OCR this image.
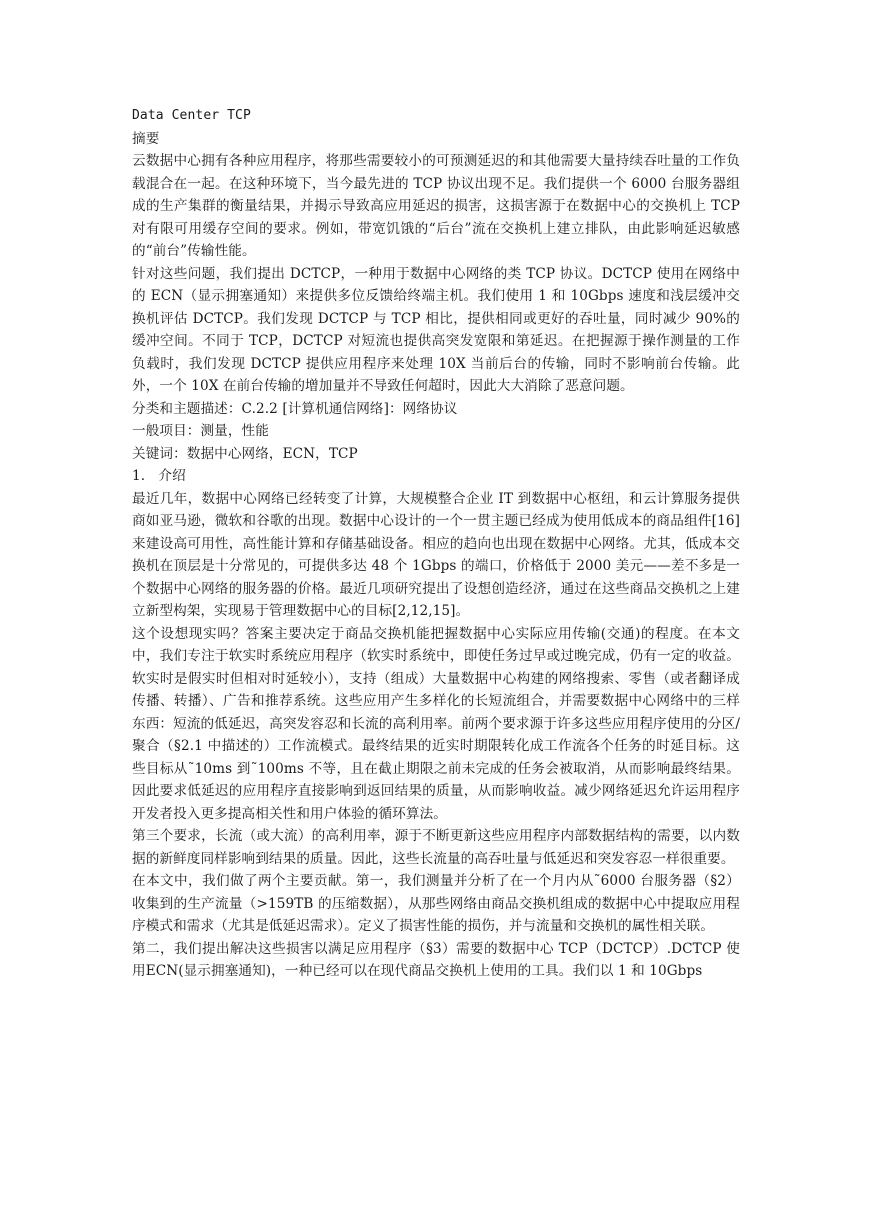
Data Center TCP

摘要

云数据中心拥有各种应用程序，将那些需要较小的可预测延迟的和其他需要大量持续吞吐量的工作负载混合在一起。在这种环境下，当今最先进的 TCP 协议出现不足。我们提供一个 6000 台服务器组成的生产集群的衡量结果，并揭示导致高应用延迟的损害，这损害源于在数据中心的交换机上 TCP 对有限可用缓存空间的要求。例如，带宽饥饿的“后台”流在交换机上建立排队，由此影响延迟敏感的“前台”传输性能。

针对这些问题，我们提出 DCTCP，一种用于数据中心网络的类 TCP 协议。DCTCP 使用在网络中的 ECN（显示拥塞通知）来提供多位反馈给终端主机。我们使用 1 和 10Gbps 速度和浅层缓冲交换机评估 DCTCP。我们发现 DCTCP 与 TCP 相比，提供相同或更好的吞吐量，同时减少 90%的缓冲空间。不同于 TCP，DCTCP 对短流也提供高突发宽限和第延迟。在把握源于操作测量的工作负载时，我们发现 DCTCP 提供应用程序来处理 10X 当前后台的传输，同时不影响前台传输。此外，一个 10X 在前台传输的增加量并不导致任何超时，因此大大消除了恶意问题。

分类和主题描述：C.2.2 [计算机通信网络]：网络协议

一般项目：测量，性能

关键词：数据中心网络，ECN，TCP

1.   介绍

最近几年，数据中心网络已经转变了计算，大规模整合企业 IT 到数据中心枢纽，和云计算服务提供商如亚马逊，微软和谷歌的出现。数据中心设计的一个一贯主题已经成为使用低成本的商品组件[16]来建设高可用性，高性能计算和存储基础设备。相应的趋向也出现在数据中心网络。尤其，低成本交换机在顶层是十分常见的，可提供多达 48 个 1Gbps 的端口，价格低于 2000 美元——差不多是一个数据中心网络的服务器的价格。最近几项研究提出了设想创造经济，通过在这些商品交换机之上建立新型构架，实现易于管理数据中心的目标[2,12,15]。

这个设想现实吗？答案主要决定于商品交换机能把握数据中心实际应用传输(交通)的程度。在本文中，我们专注于软实时系统应用程序（软实时系统中，即使任务过早或过晚完成，仍有一定的收益。软实时是假实时但相对时延较小），支持（组成）大量数据中心构建的网络搜索、零售（或者翻译成传播、转播）、广告和推荐系统。这些应用产生多样化的长短流组合，并需要数据中心网络中的三样东西：短流的低延迟，高突发容忍和长流的高利用率。前两个要求源于许多这些应用程序使用的分区/聚合（§2.1 中描述的）工作流模式。最终结果的近实时期限转化成工作流各个任务的时延目标。这些目标从˜10ms 到˜100ms 不等，且在截止期限之前未完成的任务会被取消，从而影响最终结果。因此要求低延迟的应用程序直接影响到返回结果的质量，从而影响收益。减少网络延迟允许运用程序开发者投入更多提高相关性和用户体验的循环算法。

第三个要求，长流（或大流）的高利用率，源于不断更新这些应用程序内部数据结构的需要，以内数据的新鲜度同样影响到结果的质量。因此，这些长流量的高吞吐量与低延迟和突发容忍一样很重要。

在本文中，我们做了两个主要贡献。第一，我们测量并分析了在一个月内从˜6000 台服务器（§2）收集到的生产流量（>159TB 的压缩数据），从那些网络由商品交换机组成的数据中心中提取应用程序模式和需求（尤其是低延迟需求）。定义了损害性能的损伤，并与流量和交换机的属性相关联。

第二，我们提出解决这些损害以满足应用程序（§3）需要的数据中心 TCP（DCTCP）.DCTCP 使用ECN(显示拥塞通知)，一种已经可以在现代商品交换机上使用的工具。我们以 1 和 10Gbps
